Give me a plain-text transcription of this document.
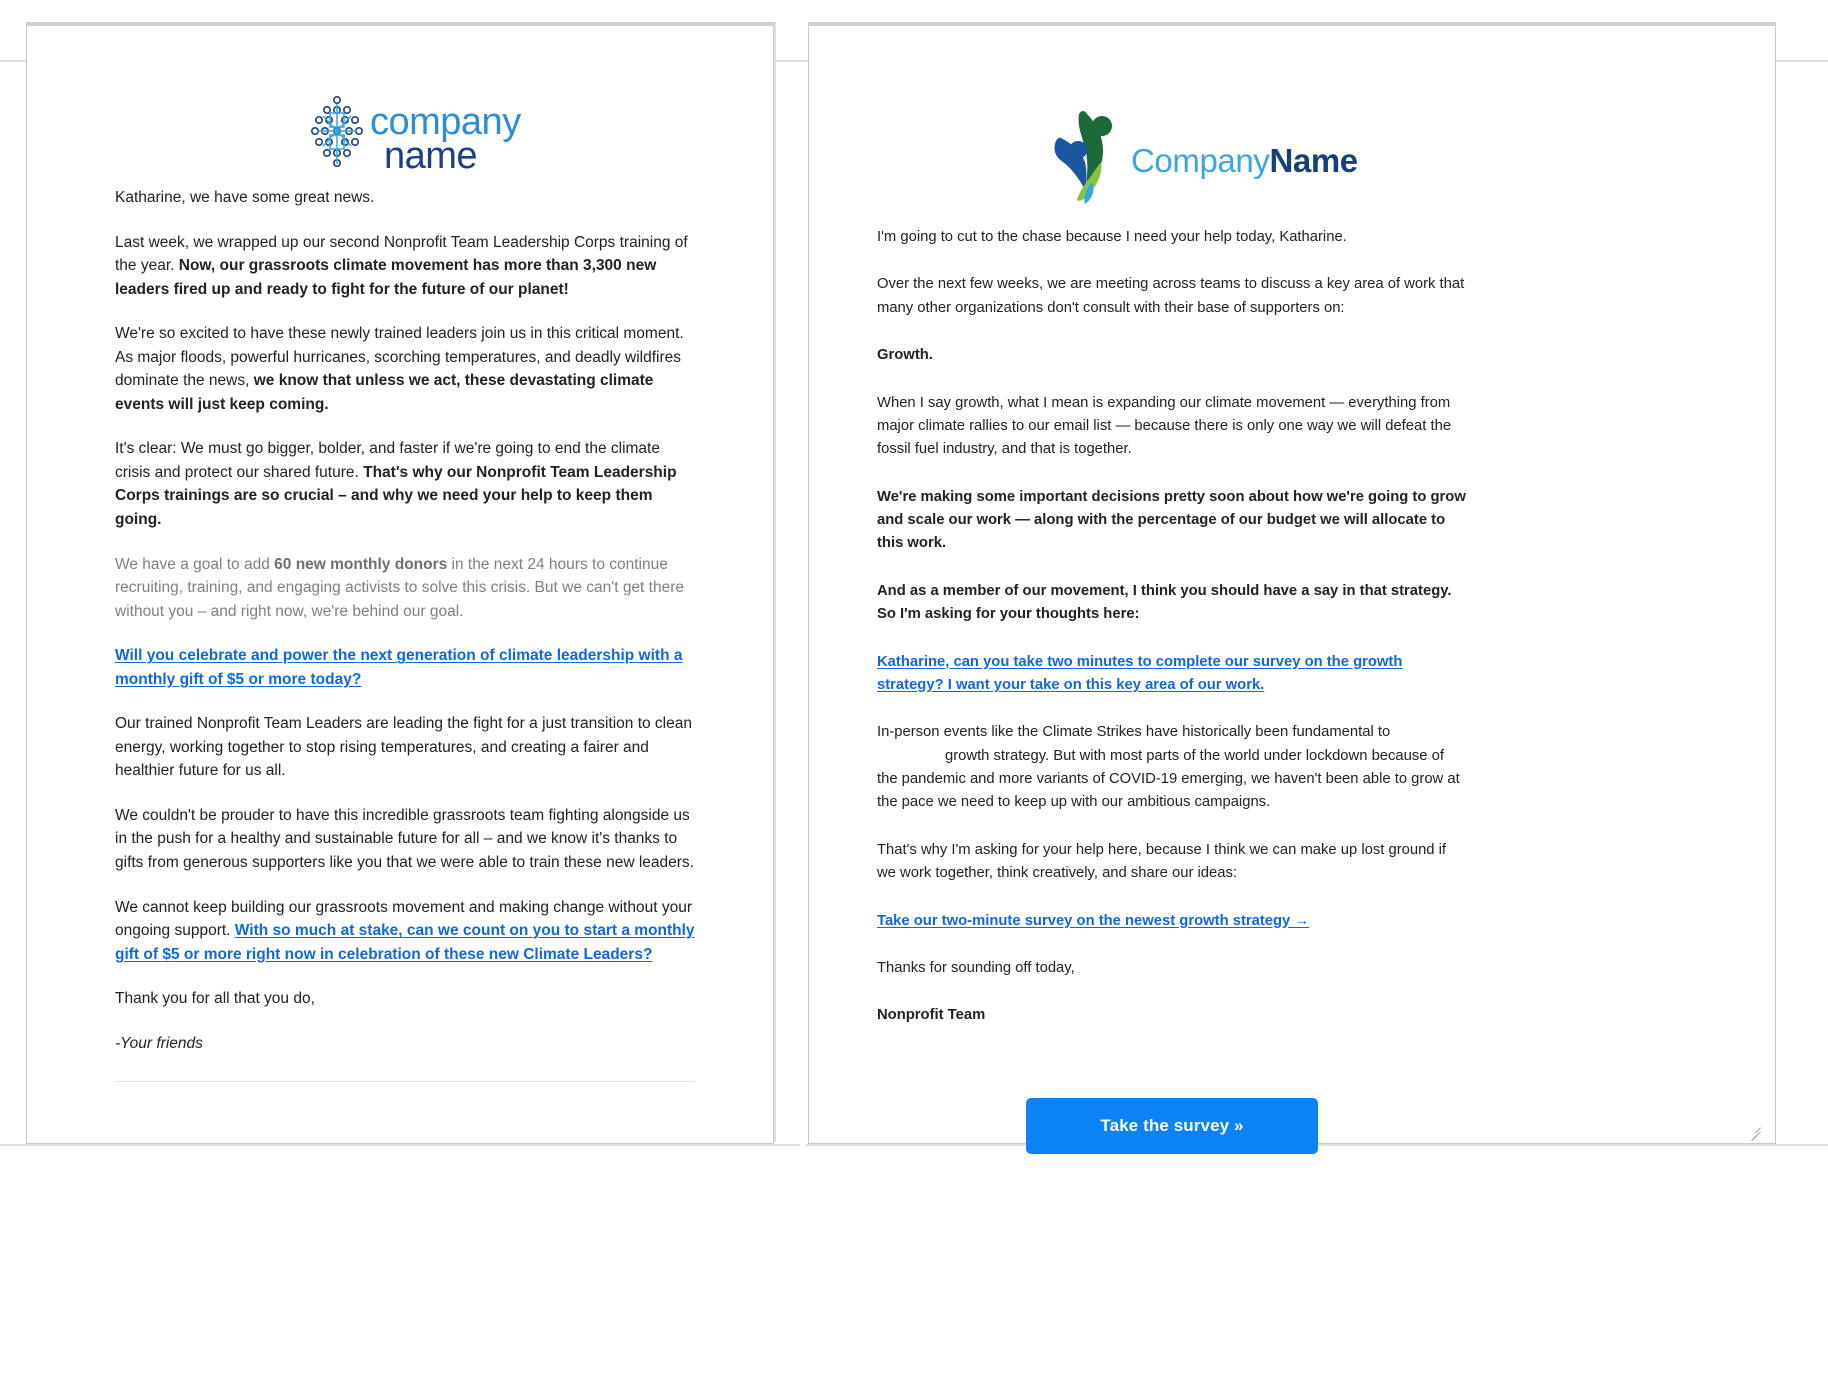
company
name

Katharine, we have some great news.

Last week, we wrapped up our second Nonprofit Team Leadership Corps training of the year. Now, our grassroots climate movement has more than 3,300 new leaders fired up and ready to fight for the future of our planet!

We're so excited to have these newly trained leaders join us in this critical moment. As major floods, powerful hurricanes, scorching temperatures, and deadly wildfires dominate the news, we know that unless we act, these devastating climate events will just keep coming.

It's clear: We must go bigger, bolder, and faster if we're going to end the climate crisis and protect our shared future. That's why our Nonprofit Team Leadership Corps trainings are so crucial – and why we need your help to keep them going.

We have a goal to add 60 new monthly donors in the next 24 hours to continue recruiting, training, and engaging activists to solve this crisis. But we can't get there without you – and right now, we're behind our goal.

Will you celebrate and power the next generation of climate leadership with a monthly gift of $5 or more today?

Our trained Nonprofit Team Leaders are leading the fight for a just transition to clean energy, working together to stop rising temperatures, and creating a fairer and healthier future for us all.

We couldn't be prouder to have this incredible grassroots team fighting alongside us in the push for a healthy and sustainable future for all – and we know it's thanks to gifts from generous supporters like you that we were able to train these new leaders.

We cannot keep building our grassroots movement and making change without your ongoing support. With so much at stake, can we count on you to start a monthly gift of $5 or more right now in celebration of these new Climate Leaders?

Thank you for all that you do,

-Your friends

CompanyName

I'm going to cut to the chase because I need your help today, Katharine.

Over the next few weeks, we are meeting across teams to discuss a key area of work that many other organizations don't consult with their base of supporters on:

Growth.

When I say growth, what I mean is expanding our climate movement — everything from major climate rallies to our email list — because there is only one way we will defeat the fossil fuel industry, and that is together.

We're making some important decisions pretty soon about how we're going to grow and scale our work — along with the percentage of our budget we will allocate to this work.

And as a member of our movement, I think you should have a say in that strategy. So I'm asking for your thoughts here:

Katharine, can you take two minutes to complete our survey on the growth strategy? I want your take on this key area of our work.

In-person events like the Climate Strikes have historically been fundamental to
growth strategy. But with most parts of the world under lockdown because of the pandemic and more variants of COVID-19 emerging, we haven't been able to grow at the pace we need to keep up with our ambitious campaigns.

That's why I'm asking for your help here, because I think we can make up lost ground if we work together, think creatively, and share our ideas:

Take our two-minute survey on the newest growth strategy →

Thanks for sounding off today,

Nonprofit Team

Take the survey »
